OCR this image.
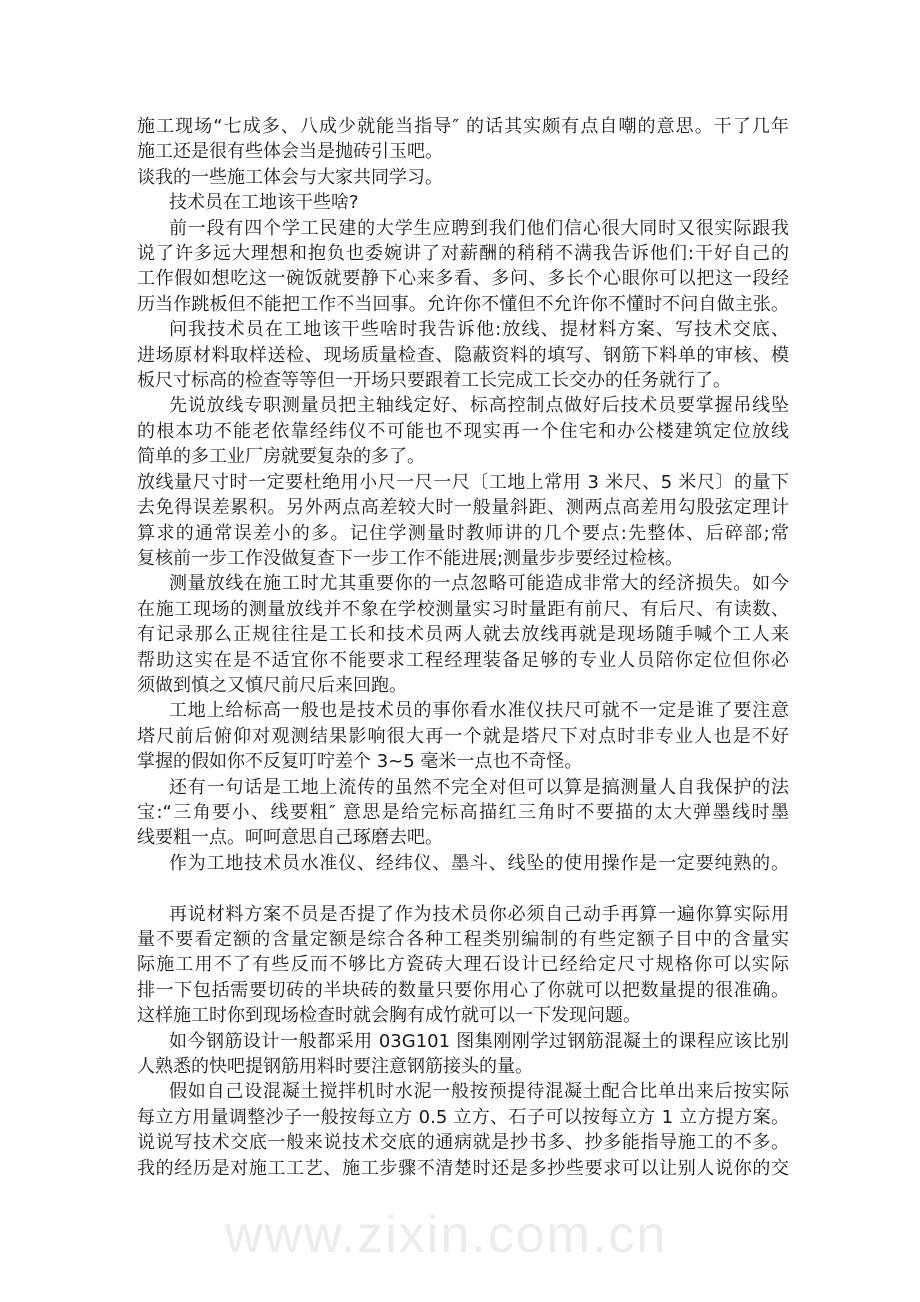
施工现场“七成多、八成少就能当指导″ 的话其实颇有点自嘲的意思。干了几年
施工还是很有些体会当是抛砖引玉吧。
谈我的一些施工体会与大家共同学习。
技术员在工地该干些啥?
前一段有四个学工民建的大学生应聘到我们他们信心很大同时又很实际跟我
说了许多远大理想和抱负也委婉讲了对薪酬的稍稍不满我告诉他们:干好自己的
工作假如想吃这一碗饭就要静下心来多看、多问、多长个心眼你可以把这一段经
历当作跳板但不能把工作不当回事。允许你不懂但不允许你不懂时不问自做主张。
问我技术员在工地该干些啥时我告诉他:放线、提材料方案、写技术交底、
进场原材料取样送检、现场质量检查、隐蔽资料的填写、钢筋下料单的审核、模
板尺寸标高的检查等等但一开场只要跟着工长完成工长交办的任务就行了。
先说放线专职测量员把主轴线定好、标高控制点做好后技术员要掌握吊线坠
的根本功不能老依靠经纬仪不可能也不现实再一个住宅和办公楼建筑定位放线
简单的多工业厂房就要复杂的多了。
放线量尺寸时一定要杜绝用小尺一尺一尺〔工地上常用 3 米尺、5 米尺〕的量下
去免得误差累积。另外两点高差较大时一般量斜距、测两点高差用勾股弦定理计
算求的通常误差小的多。记住学测量时教师讲的几个要点:先整体、后碎部;常
复核前一步工作没做复查下一步工作不能进展;测量步步要经过检核。
测量放线在施工时尤其重要你的一点忽略可能造成非常大的经济损失。如今
在施工现场的测量放线并不象在学校测量实习时量距有前尺、有后尺、有读数、
有记录那么正规往往是工长和技术员两人就去放线再就是现场随手喊个工人来
帮助这实在是不适宜你不能要求工程经理装备足够的专业人员陪你定位但你必
须做到慎之又慎尺前尺后来回跑。
工地上给标高一般也是技术员的事你看水准仪扶尺可就不一定是谁了要注意
塔尺前后俯仰对观测结果影响很大再一个就是塔尺下对点时非专业人也是不好
掌握的假如你不反复叮咛差个 3~5 毫米一点也不奇怪。
还有一句话是工地上流传的虽然不完全对但可以算是搞测量人自我保护的法
宝:“三角要小、线要粗″ 意思是给完标高描红三角时不要描的太大弹墨线时墨
线要粗一点。呵呵意思自己琢磨去吧。
作为工地技术员水准仪、经纬仪、墨斗、线坠的使用操作是一定要纯熟的。
再说材料方案不员是否提了作为技术员你必须自己动手再算一遍你算实际用
量不要看定额的含量定额是综合各种工程类别编制的有些定额子目中的含量实
际施工用不了有些反而不够比方瓷砖大理石设计已经给定尺寸规格你可以实际
排一下包括需要切砖的半块砖的数量只要你用心了你就可以把数量提的很准确。
这样施工时你到现场检查时就会胸有成竹就可以一下发现问题。
如今钢筋设计一般都采用 03G101 图集刚刚学过钢筋混凝土的课程应该比别
人熟悉的快吧提钢筋用料时要注意钢筋接头的量。
假如自己设混凝土搅拌机时水泥一般按预提待混凝土配合比单出来后按实际
每立方用量调整沙子一般按每立方 0.5 立方、石子可以按每立方 1 立方提方案。
说说写技术交底一般来说技术交底的通病就是抄书多、抄多能指导施工的不多。
我的经历是对施工工艺、施工步骤不清楚时还是多抄些要求可以让别人说你的交
www.zixin.com.cn
